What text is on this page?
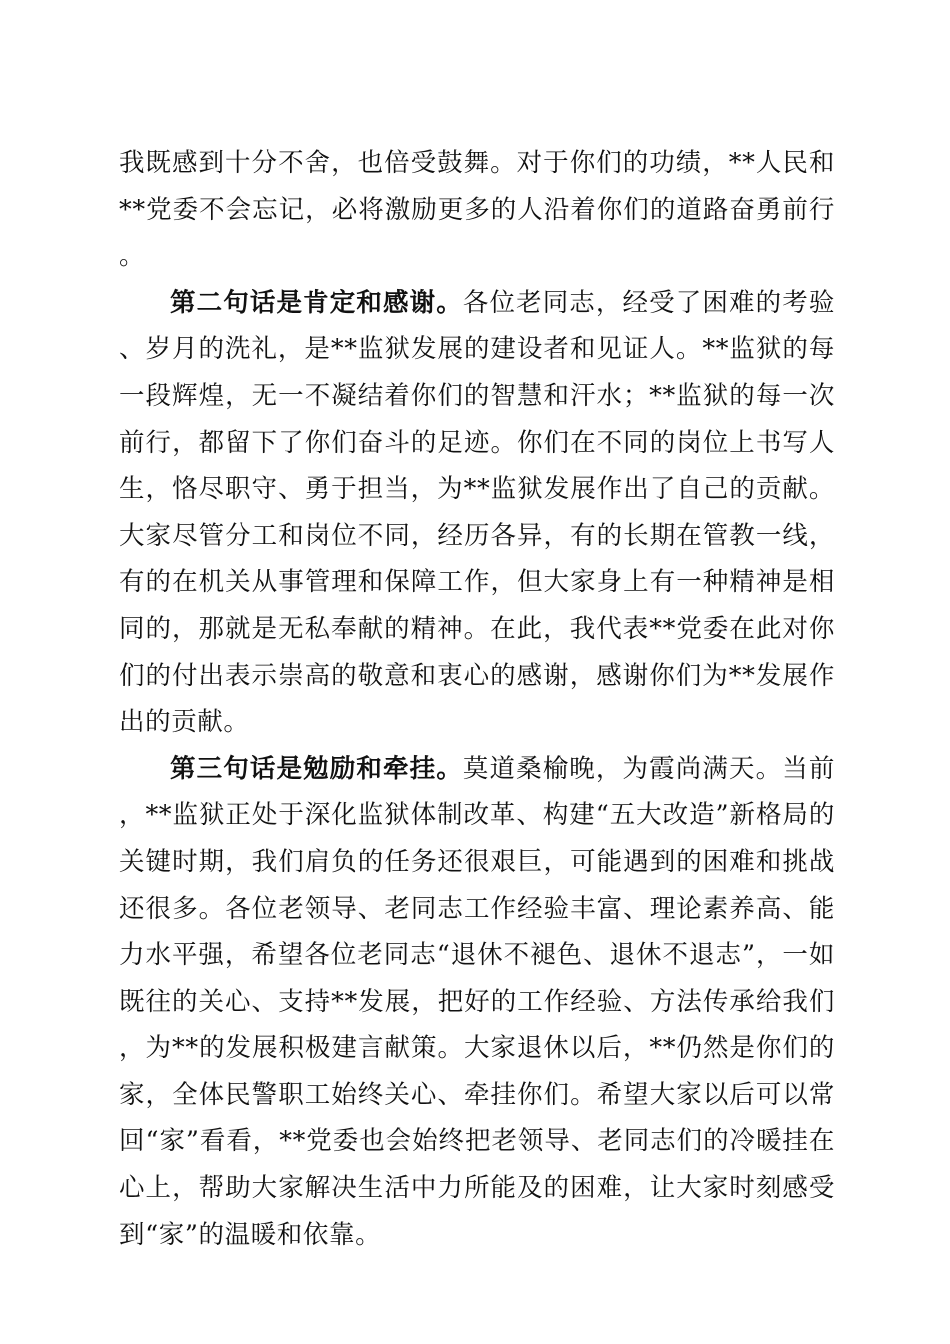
我既感到十分不舍，也倍受鼓舞。对于你们的功绩，**人民和**党委不会忘记，必将激励更多的人沿着你们的道路奋勇前行。

第二句话是肯定和感谢。各位老同志，经受了困难的考验、岁月的洗礼，是**监狱发展的建设者和见证人。**监狱的每一段辉煌，无一不凝结着你们的智慧和汗水；**监狱的每一次前行，都留下了你们奋斗的足迹。你们在不同的岗位上书写人生，恪尽职守、勇于担当，为**监狱发展作出了自己的贡献。大家尽管分工和岗位不同，经历各异，有的长期在管教一线，有的在机关从事管理和保障工作，但大家身上有一种精神是相同的，那就是无私奉献的精神。在此，我代表**党委在此对你们的付出表示崇高的敬意和衷心的感谢，感谢你们为**发展作出的贡献。

第三句话是勉励和牵挂。莫道桑榆晚，为霞尚满天。当前，**监狱正处于深化监狱体制改革、构建“五大改造”新格局的关键时期，我们肩负的任务还很艰巨，可能遇到的困难和挑战还很多。各位老领导、老同志工作经验丰富、理论素养高、能力水平强，希望各位老同志“退休不褪色、退休不退志”，一如既往的关心、支持**发展，把好的工作经验、方法传承给我们，为**的发展积极建言献策。大家退休以后，**仍然是你们的家，全体民警职工始终关心、牵挂你们。希望大家以后可以常回“家”看看，**党委也会始终把老领导、老同志们的冷暖挂在心上，帮助大家解决生活中力所能及的困难，让大家时刻感受到“家”的温暖和依靠。
